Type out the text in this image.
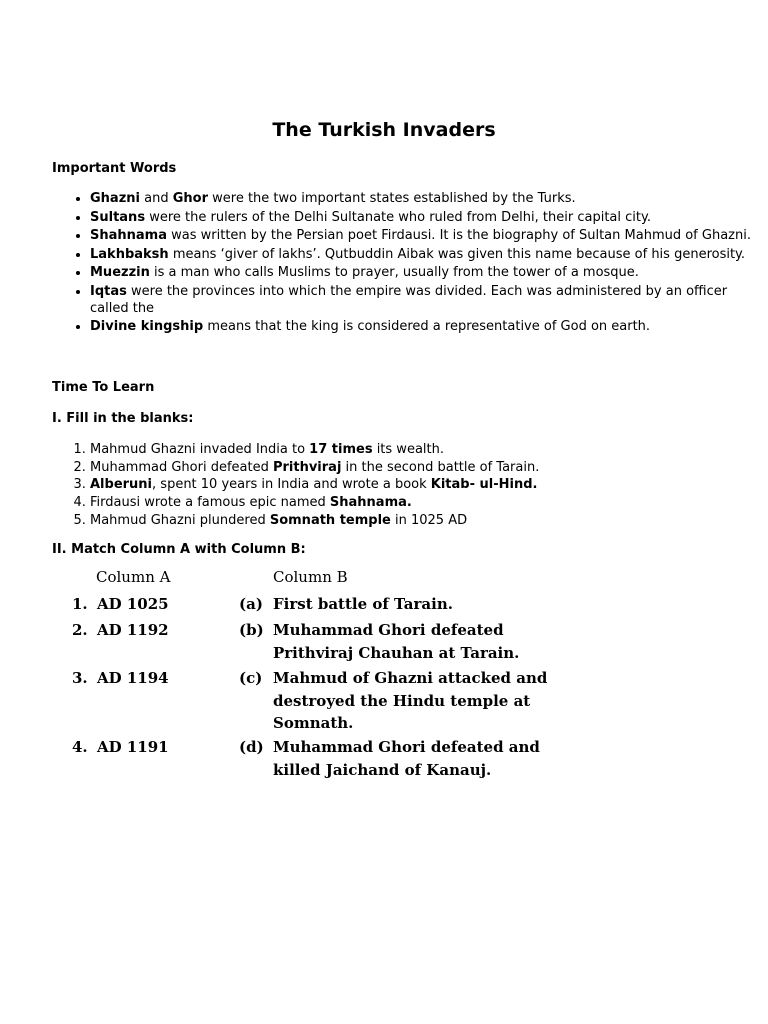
The Turkish Invaders
Important Words
• Ghazni and Ghor were the two important states established by the Turks.
• Sultans were the rulers of the Delhi Sultanate who ruled from Delhi, their capital city.
• Shahnama was written by the Persian poet Firdausi. It is the biography of Sultan Mahmud of Ghazni.
• Lakhbaksh means ‘giver of lakhs’. Qutbuddin Aibak was given this name because of his generosity.
• Muezzin is a man who calls Muslims to prayer, usually from the tower of a mosque.
• Iqtas were the provinces into which the empire was divided. Each was administered by an officer called the
• Divine kingship means that the king is considered a representative of God on earth.
Time To Learn
I. Fill in the blanks:
1. Mahmud Ghazni invaded India to 17 times its wealth.
2. Muhammad Ghori defeated Prithviraj in the second battle of Tarain.
3. Alberuni, spent 10 years in India and wrote a book Kitab- ul-Hind.
4. Firdausi wrote a famous epic named Shahnama.
5. Mahmud Ghazni plundered Somnath temple in 1025 AD
II. Match Column A with Column B:
Column A	Column B
1. AD 1025	(a) First battle of Tarain.
2. AD 1192	(b) Muhammad Ghori defeated
Prithviraj Chauhan at Tarain.
3. AD 1194	(c) Mahmud of Ghazni attacked and
destroyed the Hindu temple at
Somnath.
4. AD 1191	(d) Muhammad Ghori defeated and
killed Jaichand of Kanauj.
